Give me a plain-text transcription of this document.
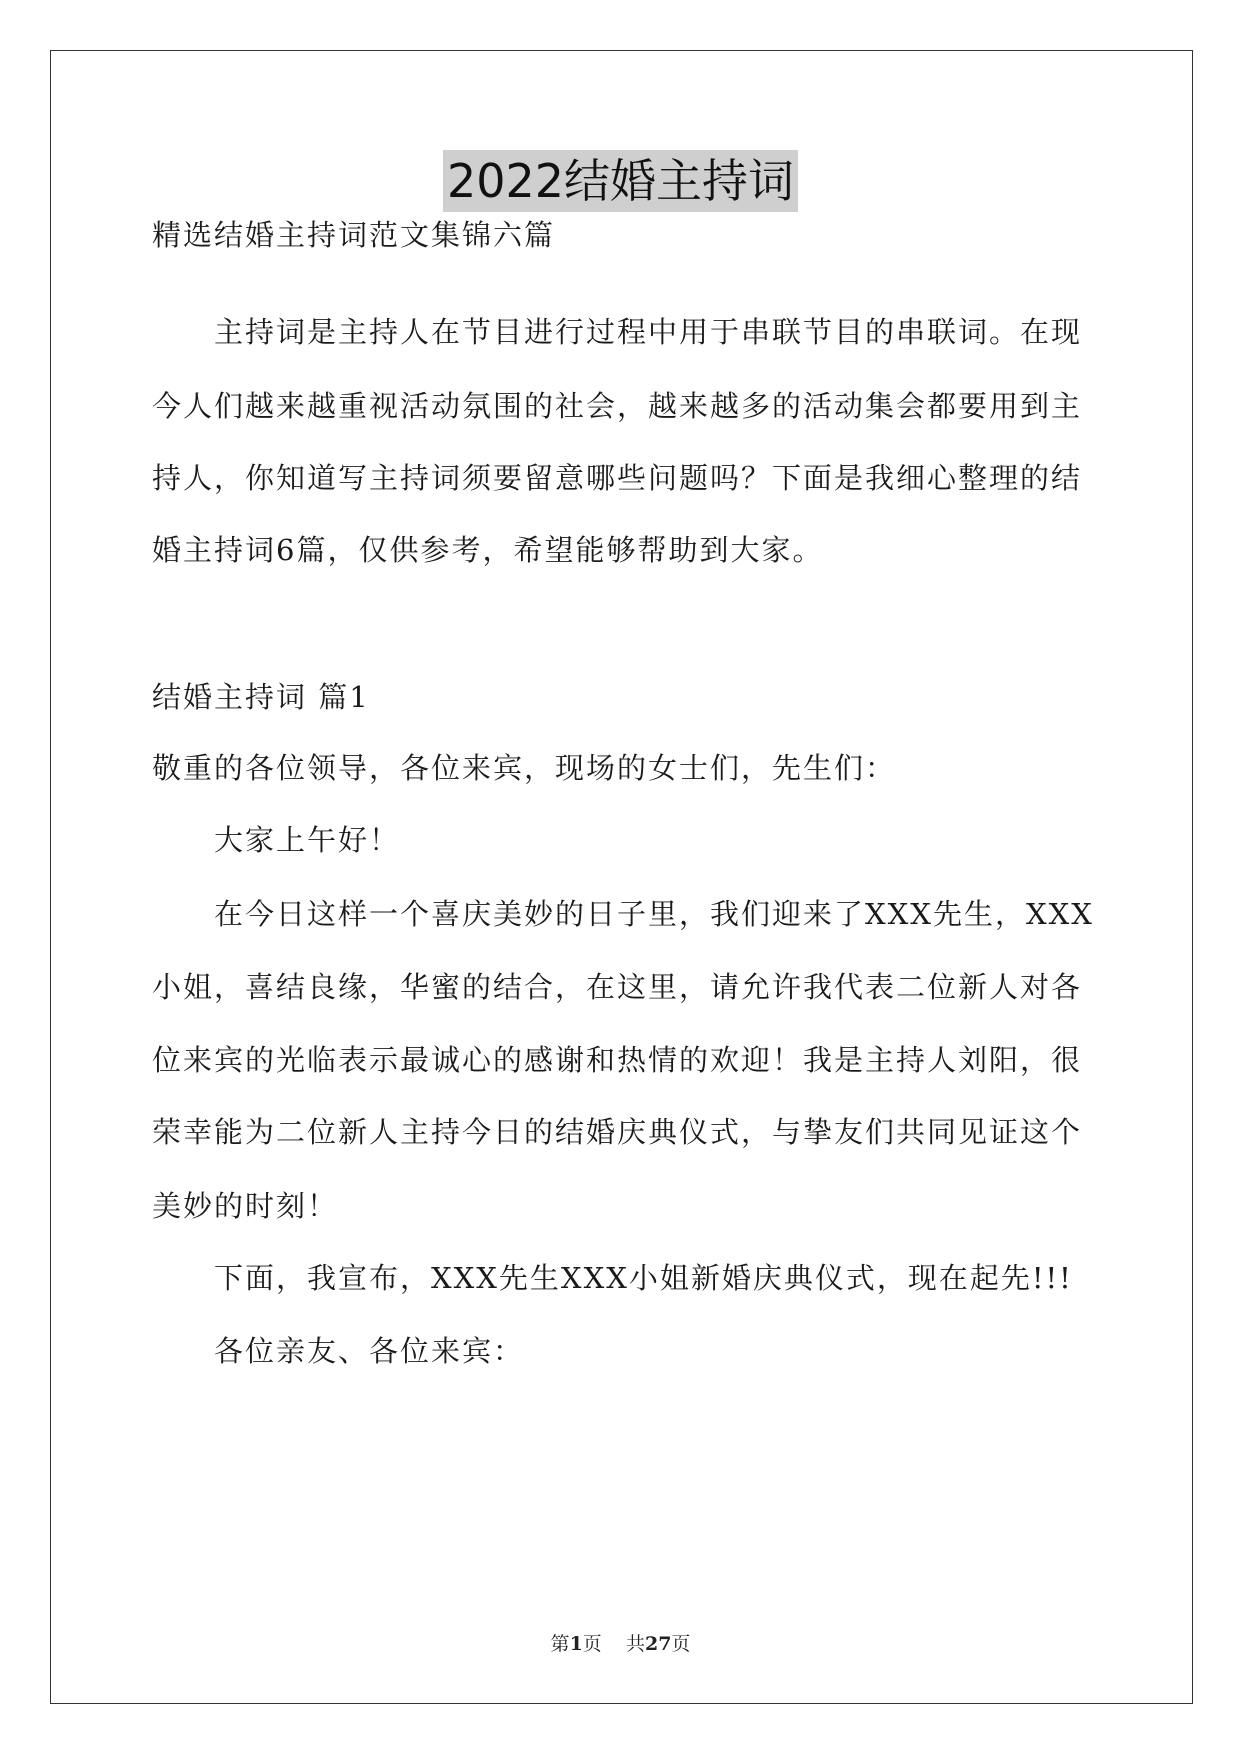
2022结婚主持词
精选结婚主持词范文集锦六篇
主持词是主持人在节目进行过程中用于串联节目的串联词。在现
今人们越来越重视活动氛围的社会，越来越多的活动集会都要用到主
持人，你知道写主持词须要留意哪些问题吗？下面是我细心整理的结
婚主持词6篇，仅供参考，希望能够帮助到大家。
结婚主持词 篇1
敬重的各位领导，各位来宾，现场的女士们，先生们：
大家上午好！
在今日这样一个喜庆美妙的日子里，我们迎来了XXX先生，XXX
小姐，喜结良缘，华蜜的结合，在这里，请允许我代表二位新人对各
位来宾的光临表示最诚心的感谢和热情的欢迎！我是主持人刘阳，很
荣幸能为二位新人主持今日的结婚庆典仪式，与挚友们共同见证这个
美妙的时刻！
下面，我宣布，XXX先生XXX小姐新婚庆典仪式，现在起先!!!
各位亲友、各位来宾：
第1页    共27页
